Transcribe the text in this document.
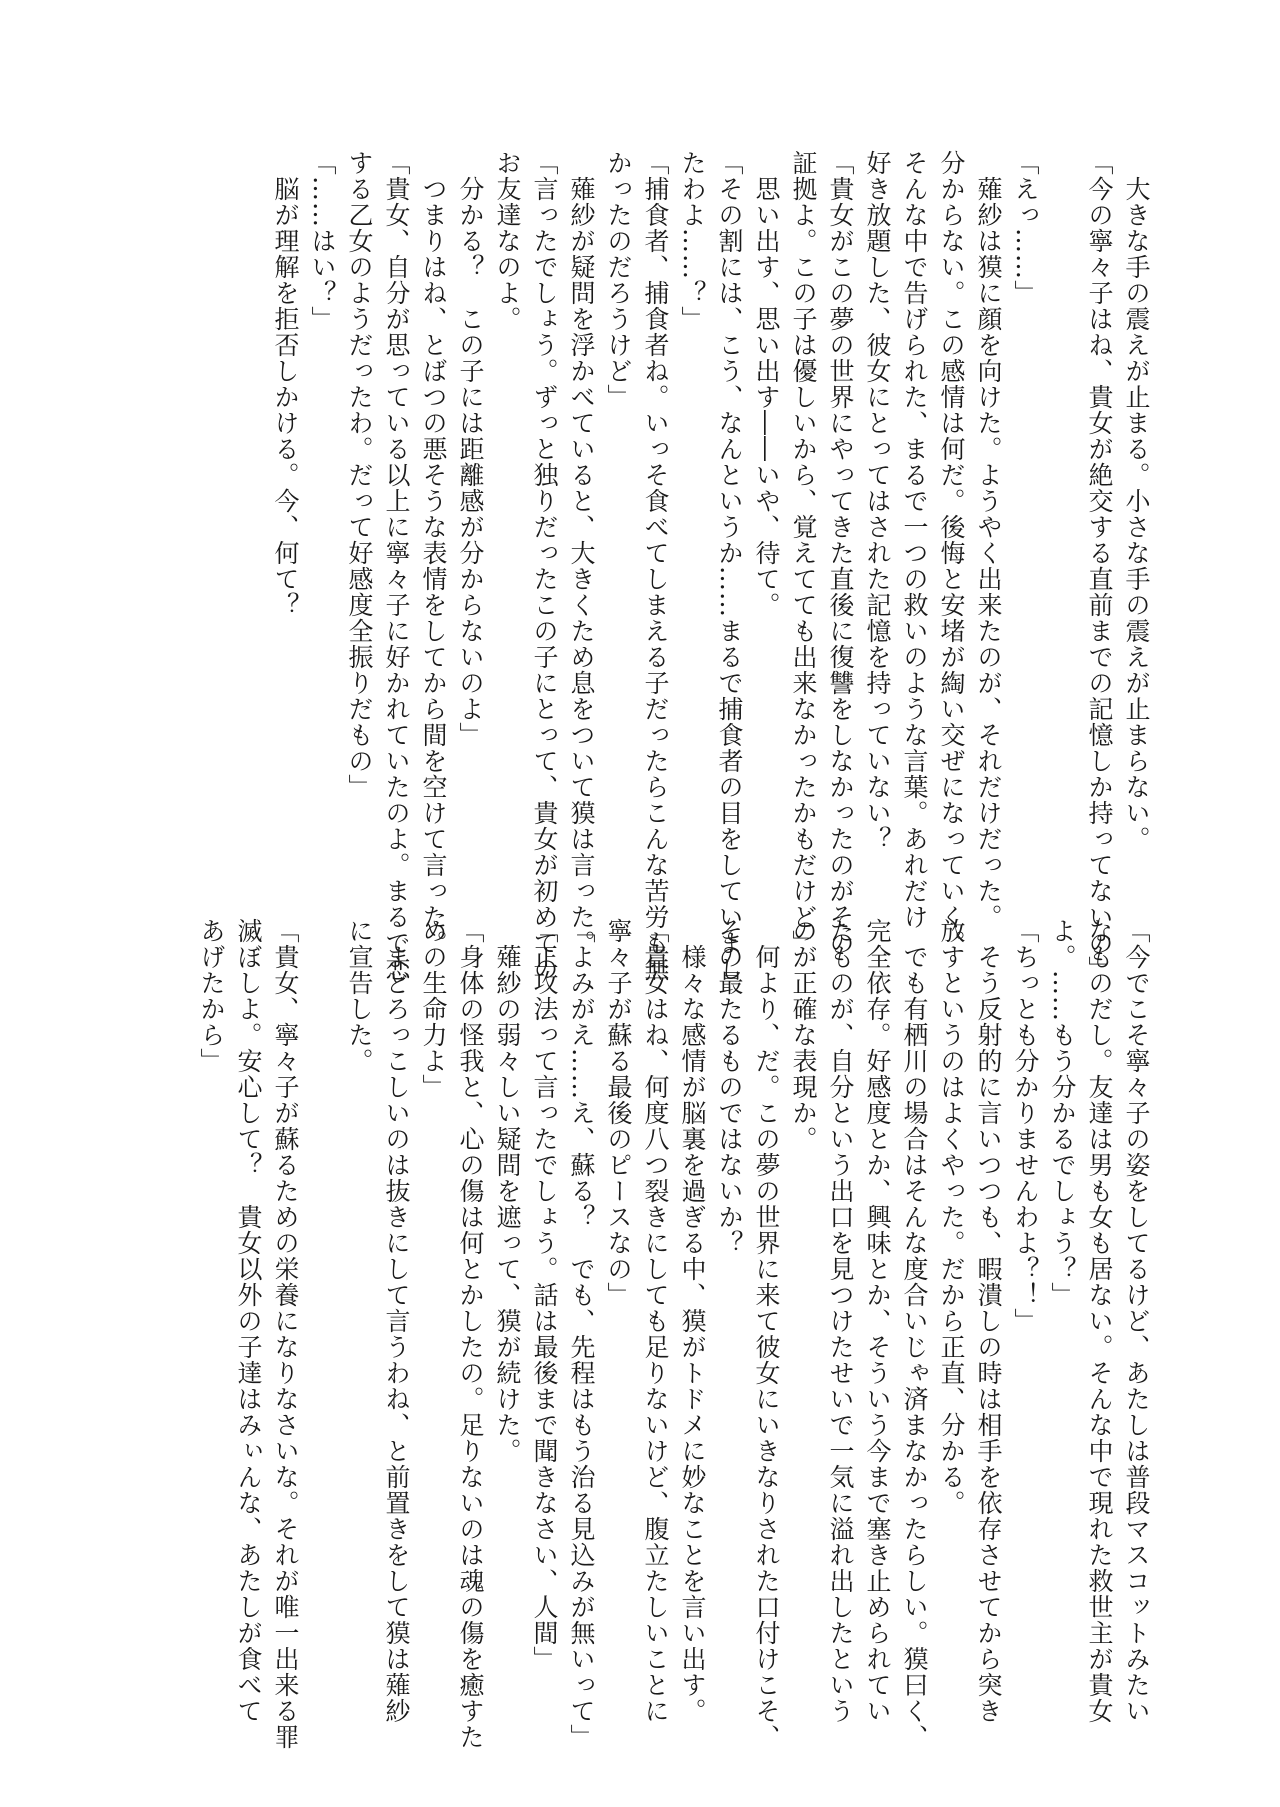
　大きな手の震えが止まる。小さな手の震えが止まらない。
「今の寧々子はね、貴女が絶交する直前までの記憶しか持ってないの」

「えっ……」
　薙紗は獏に顔を向けた。ようやく出来たのが、それだけだった。
分からない。この感情は何だ。後悔と安堵が綯い交ぜになっていく。
そんな中で告げられた、まるで一つの救いのような言葉。あれだけ
好き放題した、彼女にとってはされた記憶を持っていない？
「貴女がこの夢の世界にやってきた直後に復讐をしなかったのがその
証拠よ。この子は優しいから、覚えてても出来なかったかもだけど」
　思い出す、思い出す――いや、待て。
「その割には、こう、なんというか……まるで捕食者の目をしていまし
たわよ……？」
「捕食者、捕食者ね。いっそ食べてしまえる子だったらこんな苦労も無
かったのだろうけど」
　薙紗が疑問を浮かべていると、大きくため息をついて獏は言った。
「言ったでしょう。ずっと独りだったこの子にとって、貴女が初めての
お友達なのよ。
　分かる？　この子には距離感が分からないのよ」
　つまりはね、とばつの悪そうな表情をしてから間を空けて言った。
「貴女、自分が思っている以上に寧々子に好かれていたのよ。まるで恋
する乙女のようだったわ。だって好感度全振りだもの」
「……はい？」
　脳が理解を拒否しかける。今、何て？
「今でこそ寧々子の姿をしてるけど、あたしは普段マスコットみたい
なものだし。友達は男も女も居ない。そんな中で現れた救世主が貴女
よ。……もう分かるでしょう？」
「ちっとも分かりませんわよ？！」
　そう反射的に言いつつも、暇潰しの時は相手を依存させてから突き
放すというのはよくやった。だから正直、分かる。
　でも有栖川の場合はそんな度合いじゃ済まなかったらしい。獏曰く、
完全依存。好感度とか、興味とか、そういう今まで塞き止められてい
たものが、自分という出口を見つけたせいで一気に溢れ出したという
のが正確な表現か。
　何より、だ。この夢の世界に来て彼女にいきなりされた口付けこそ、
その最たるものではないか？
　様々な感情が脳裏を過ぎる中、獏がトドメに妙なことを言い出す。
「貴女はね、何度八つ裂きにしても足りないけど、腹立たしいことに
寧々子が蘇る最後のピースなの」
「よみがえ……え、蘇る？　でも、先程はもう治る見込みが無いって」
「正攻法って言ったでしょう。話は最後まで聞きなさい、人間」
　薙紗の弱々しい疑問を遮って、獏が続けた。
「身体の怪我と、心の傷は何とかしたの。足りないのは魂の傷を癒すた
めの生命力よ」
　まどろっこしいのは抜きにして言うわね、と前置きをして獏は薙紗
に宣告した。

「貴女、寧々子が蘇るための栄養になりなさいな。それが唯一出来る罪
滅ぼしよ。安心して？　貴女以外の子達はみぃんな、あたしが食べて
あげたから」
